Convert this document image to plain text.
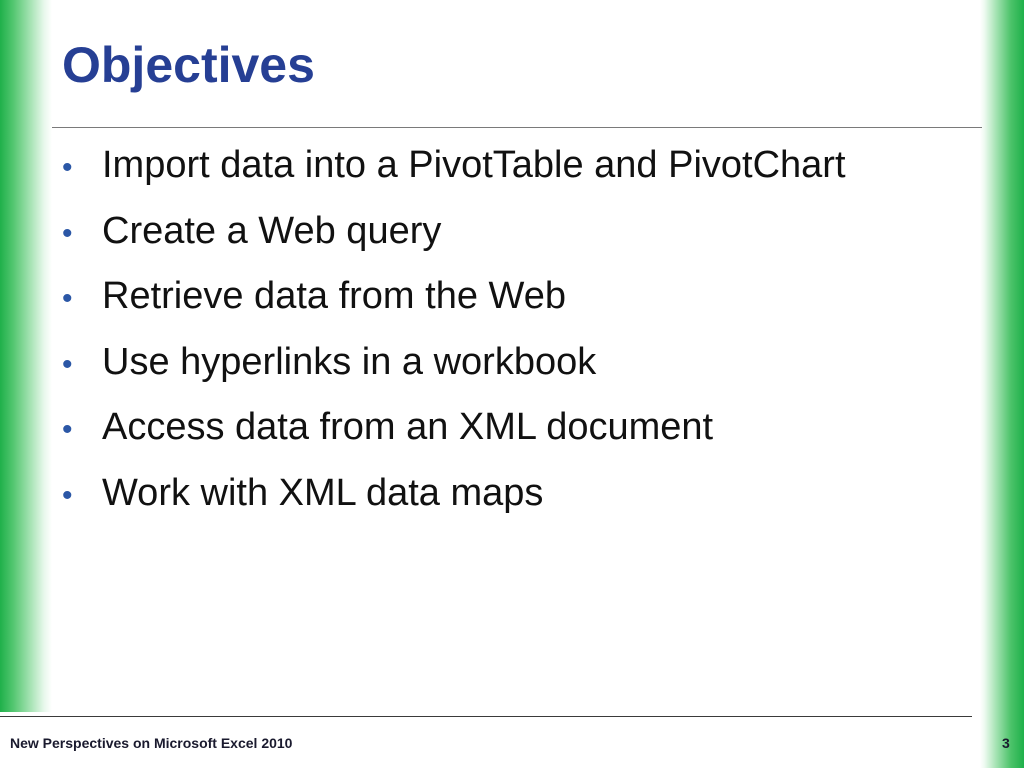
Objectives
• Import data into a PivotTable and PivotChart
• Create a Web query
• Retrieve data from the Web
• Use hyperlinks in a workbook
• Access data from an XML document
• Work with XML data maps
New Perspectives on Microsoft Excel 2010	3
